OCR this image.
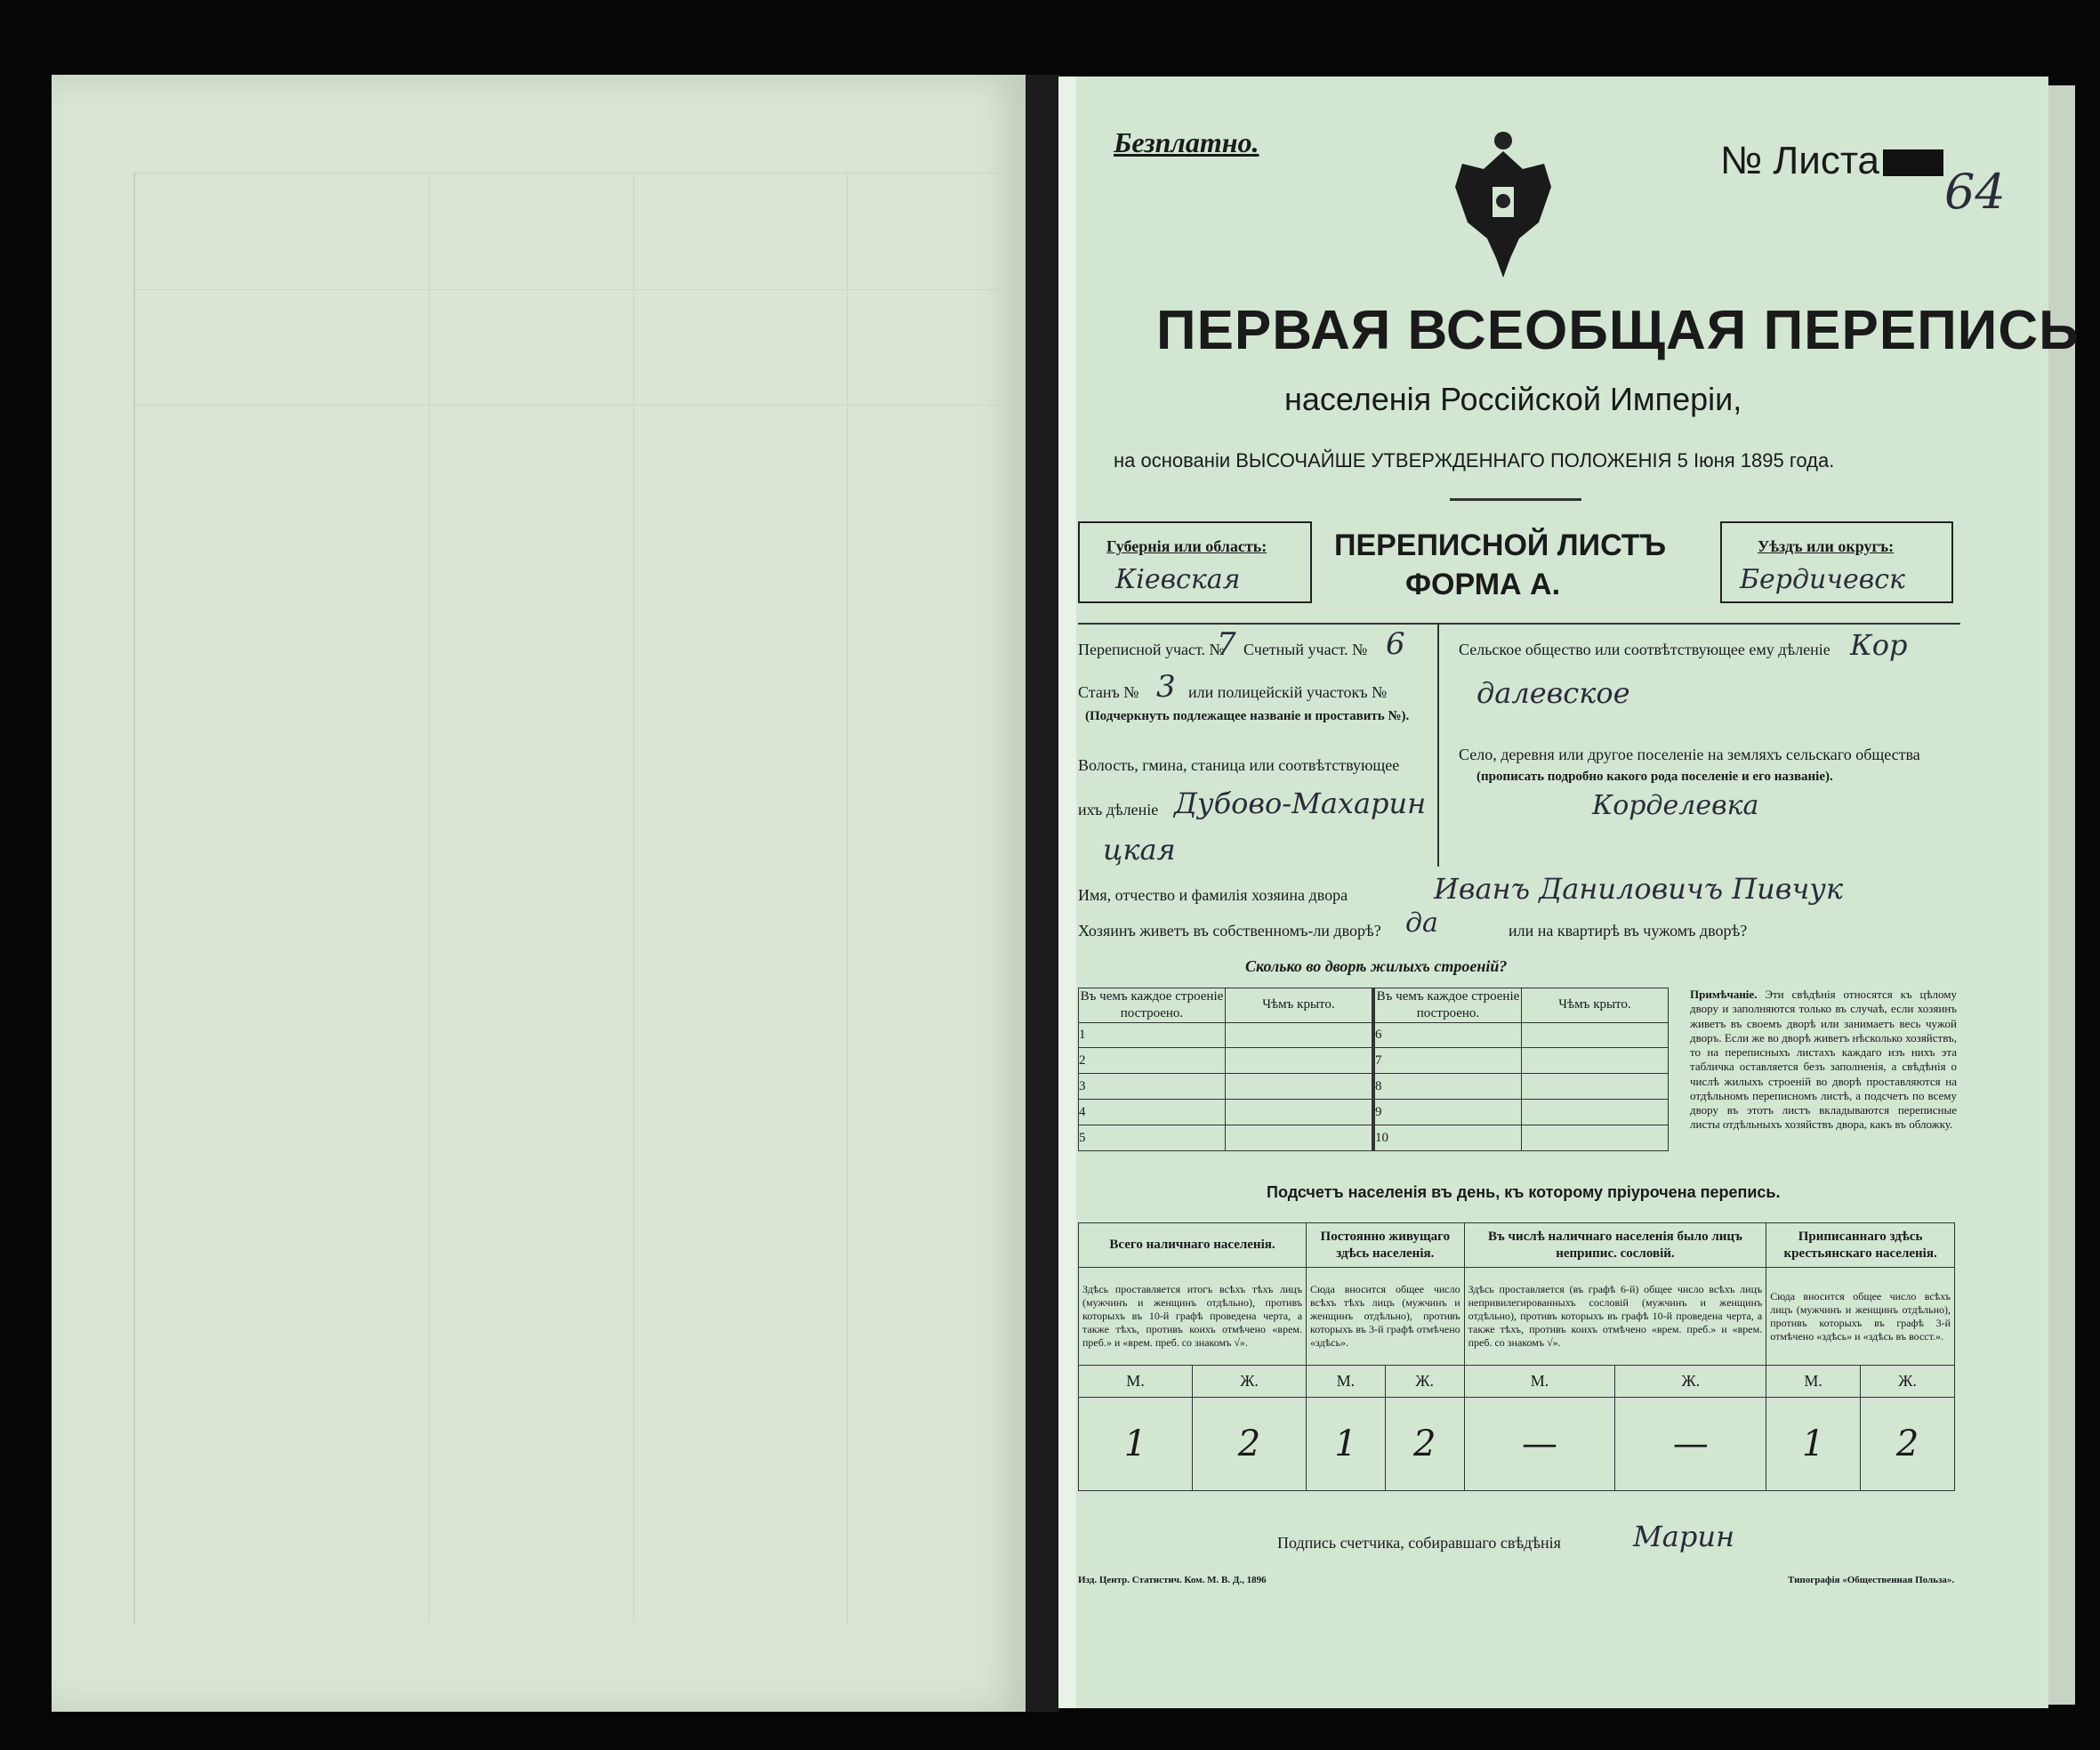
Безплатно.	№ Листа
64
ПЕРВАЯ ВСЕОБЩАЯ ПЕРЕПИСЬ
населенія Россійской Имперіи,
на основаніи ВЫСОЧАЙШЕ УТВЕРЖДЕННАГО ПОЛОЖЕНІЯ 5 Іюня 1895 года.
Губернія или область:
Кіевская
ПЕРЕПИСНОЙ ЛИСТЪ
ФОРМА А.
Уѣздъ или округъ:
Бердичевск
Переписной участ. №
7 Счетный участ. № 6
Станъ № 3 или полицейскій участокъ №
(Подчеркнуть подлежащее названіе и проставить №).
Волость, гмина, станица или соотвѣтствующее
ихъ дѣленіе Дубово-Махарин
цкая
Сельское общество или соотвѣтствующее ему дѣленіе Кор
далевское
Село, деревня или другое поселеніе на земляхъ сельскаго общества
(прописать подробно какого рода поселеніе и его названіе).
Корделевка
Имя, отчество и фамилія хозяина двора	Иванъ Даниловичъ Пивчук
Хозяинъ живетъ въ собственномъ-ли дворѣ? да	или на квартирѣ въ чужомъ дворѣ?
Сколько во дворѣ жилыхъ строеній?
Въ чемъ каждое строеніе построено.	Чѣмъ крыто.		Въ чемъ каждое строеніе построено.	Чѣмъ крыто.
1			6	
2			7	
3			8	
4			9	
5			10	
Примѣчаніе. Эти свѣдѣнія относятся къ цѣлому двору и заполняются только въ случаѣ, если хозяинъ живетъ въ своемъ дворѣ или занимаетъ весь чужой дворъ. Если же во дворѣ живетъ нѣсколько хозяйствъ, то на переписныхъ листахъ каждаго изъ нихъ эта табличка оставляется безъ заполненія, а свѣдѣнія о числѣ жилыхъ строеній во дворѣ проставляются на отдѣльномъ переписномъ листѣ, а подсчетъ по всему двору въ этотъ листъ вкладываются переписные листы отдѣльныхъ хозяйствъ двора, какъ въ обложку.
Подсчетъ населенія въ день, къ которому пріурочена перепись.
Всего наличнаго населенія.		Постоянно живущаго здѣсь населенія.		Въ числѣ наличнаго населенія было лицъ неприпис. сословій.		Приписаннаго здѣсь крестьянскаго населенія.	
Здѣсь проставляется итогъ всѣхъ тѣхъ лицъ (мужчинъ и женщинъ отдѣльно), противъ которыхъ въ 10-й графѣ проведена черта, а также тѣхъ, противъ коихъ отмѣчено «врем. преб.» и «врем. преб. со знакомъ √».		Сюда вносится общее число всѣхъ тѣхъ лицъ (мужчинъ и женщинъ отдѣльно), противъ которыхъ въ 3-й графѣ отмѣчено «здѣсь».		Здѣсь проставляется (въ графѣ 6-й) общее число всѣхъ лицъ непривилегированныхъ сословій (мужчинъ и женщинъ отдѣльно), противъ которыхъ въ графѣ 10-й проведена черта, а также тѣхъ, противъ коихъ отмѣчено «врем. преб.» и «врем. преб. со знакомъ √».		Сюда вносится общее число всѣхъ лицъ (мужчинъ и женщинъ отдѣльно), противъ которыхъ въ графѣ 3-й отмѣчено «здѣсь» и «здѣсь въ восст.».	
М.	Ж.	М.	Ж.	М.	Ж.	М.	Ж.
1	2	1	2	—	—	1	2
Подпись счетчика, собиравшаго свѣдѣнія	Марин
Изд. Центр. Статистич. Ком. М. В. Д., 1896	Типографія «Общественная Польза».
